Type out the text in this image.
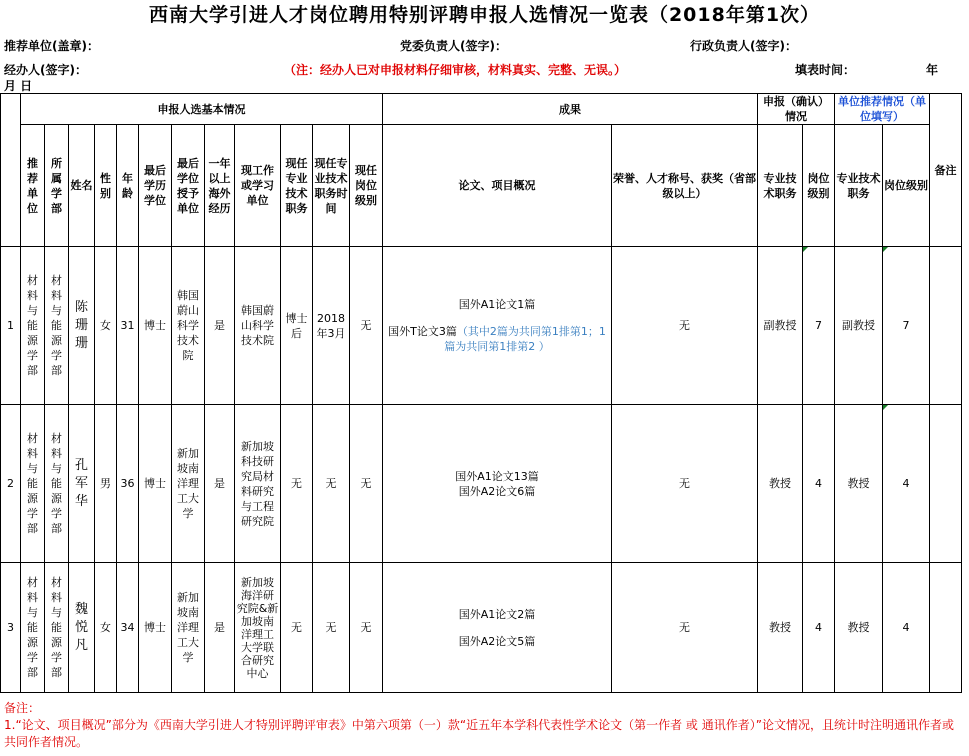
西南大学引进人才岗位聘用特别评聘申报人选情况一览表（2018年第1次）
推荐单位(盖章)：	党委负责人(签字)：	行政负责人(签字)：
经办人(签字)：	（注：经办人已对申报材料仔细审核，材料真实、完整、无误。）	填表时间：	年
月 日
	申报人选基本情况												成果		申报（确认）情况		单位推荐情况（单位填写）		备注
	推荐单位	所属学部	姓名	性别	年龄	最后学历学位	最后学位授予单位	一年以上海外经历	现工作或学习单位	现任专业技术职务	现任专业技术职务时间	现任岗位级别	论文、项目概况	荣誉、人才称号、获奖（省部级以上）	专业技术职务	岗位级别	专业技术职务	岗位级别	
1	材料与能源学部	材料与能源学部	陈珊珊	女	31	博士	韩国蔚山科学技术院	是	韩国蔚山科学技术院	博士后	2018年3月	无	国外A1论文1篇
国外T论文3篇（其中2篇为共同第1排第1；1篇为共同第1排第2 ）	无	副教授	7	副教授	7	
2	材料与能源学部	材料与能源学部	孔军华	男	36	博士	新加坡南洋理工大学	是	新加坡科技研究局材料研究与工程研究院	无	无	无	国外A1论文13篇
国外A2论文6篇	无	教授	4	教授	4	
3	材料与能源学部	材料与能源学部	魏悦凡	女	34	博士	新加坡南洋理工大学	是	新加坡海洋研究院&新加坡南洋理工大学联合研究中心	无	无	无	国外A1论文2篇
国外A2论文5篇	无	教授	4	教授	4	
备注：
1.“论文、项目概况”部分为《西南大学引进人才特别评聘评审表》中第六项第（一）款“近五年本学科代表性学术论文（第一作者 或 通讯作者）”论文情况，且统计时注明通讯作者或共同作者情况。
